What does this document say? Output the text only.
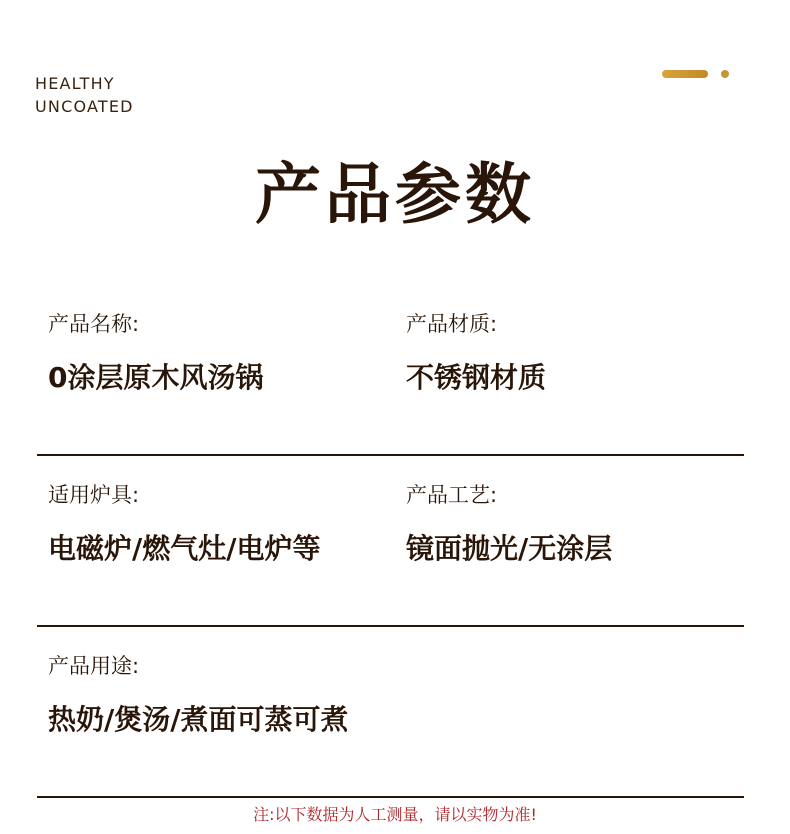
HEALTHY
UNCOATED
产品参数
产品名称:
0涂层原木风汤锅
产品材质:
不锈钢材质
适用炉具:
电磁炉/燃气灶/电炉等
产品工艺:
镜面抛光/无涂层
产品用途:
热奶/煲汤/煮面可蒸可煮
注:以下数据为人工测量，请以实物为准!
